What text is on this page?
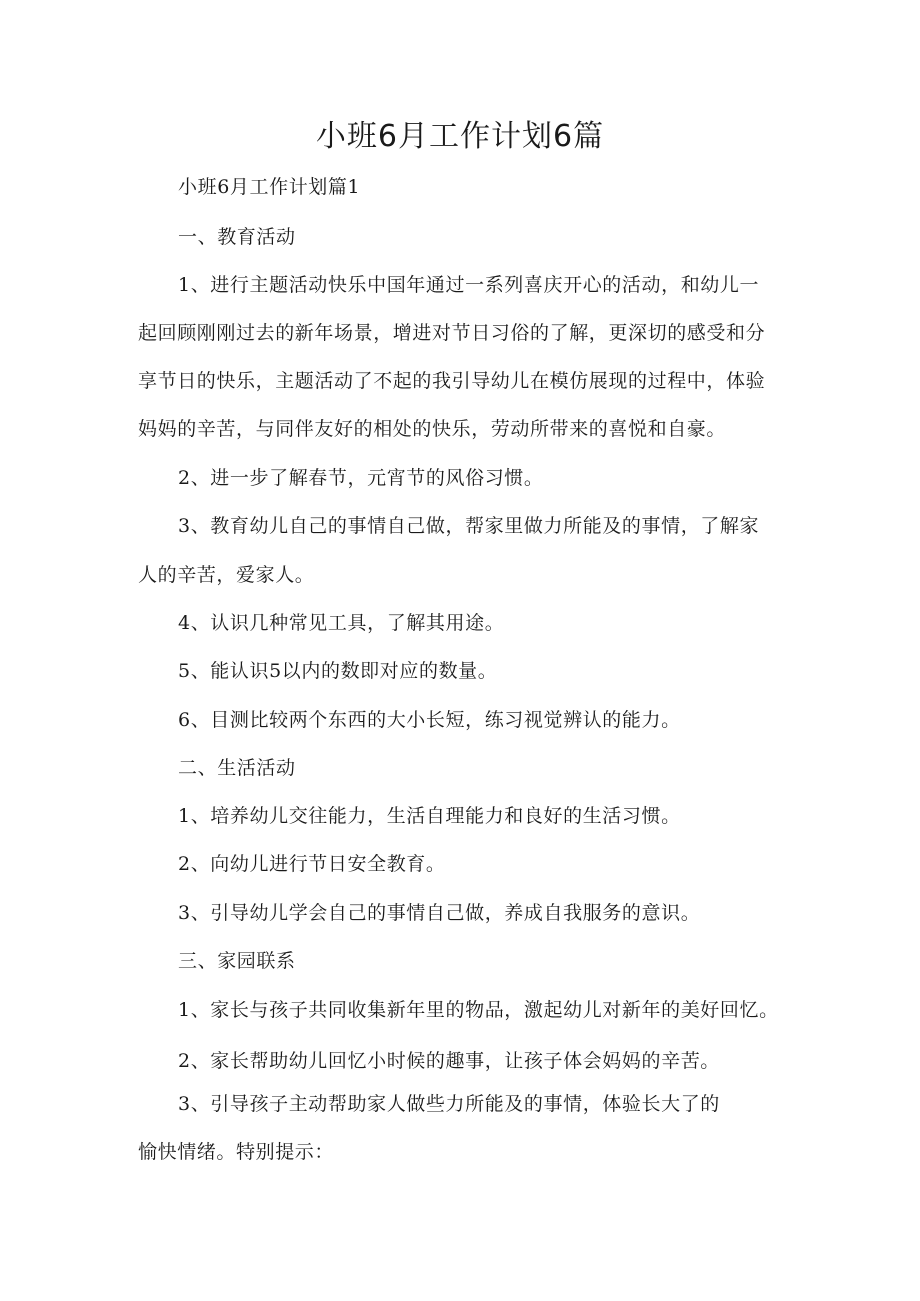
小班6月工作计划6篇

小班6月工作计划篇1

一、教育活动

1、进行主题活动快乐中国年通过一系列喜庆开心的活动，和幼儿一

起回顾刚刚过去的新年场景，增进对节日习俗的了解，更深切的感受和分

享节日的快乐，主题活动了不起的我引导幼儿在模仿展现的过程中，体验

妈妈的辛苦，与同伴友好的相处的快乐，劳动所带来的喜悦和自豪。

2、进一步了解春节，元宵节的风俗习惯。

3、教育幼儿自己的事情自己做，帮家里做力所能及的事情，了解家

人的辛苦，爱家人。

4、认识几种常见工具，了解其用途。

5、能认识5以内的数即对应的数量。

6、目测比较两个东西的大小长短，练习视觉辨认的能力。

二、生活活动

1、培养幼儿交往能力，生活自理能力和良好的生活习惯。

2、向幼儿进行节日安全教育。

3、引导幼儿学会自己的事情自己做，养成自我服务的意识。

三、家园联系

1、家长与孩子共同收集新年里的物品，激起幼儿对新年的美好回忆。

2、家长帮助幼儿回忆小时候的趣事，让孩子体会妈妈的辛苦。

3、引导孩子主动帮助家人做些力所能及的事情，体验长大了的

愉快情绪。特别提示：
